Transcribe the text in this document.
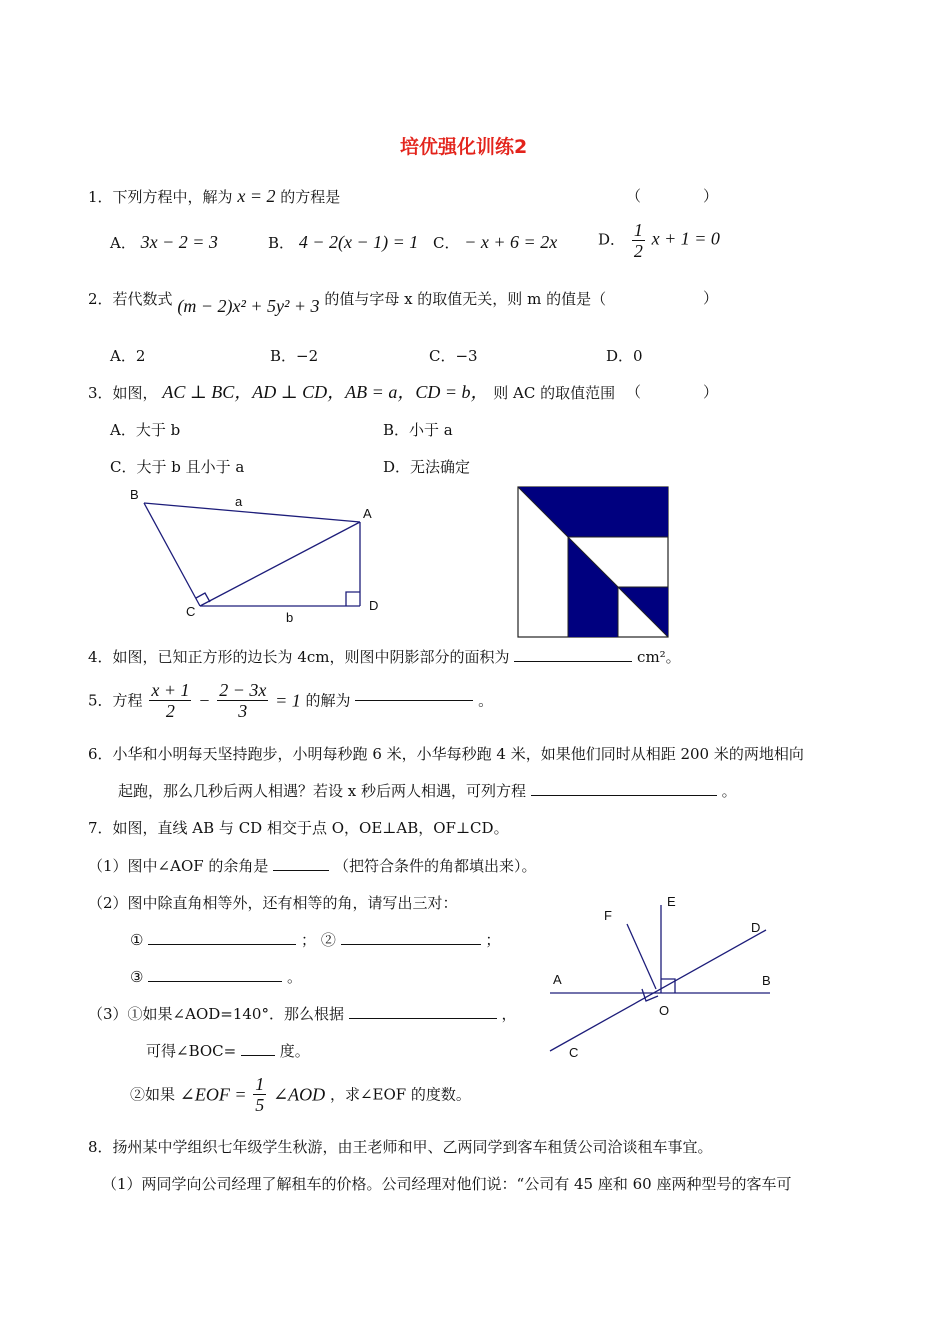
培优强化训练2
1．下列方程中，解为 x = 2 的方程是	（	）
A． 3x − 2 = 3	B． 4 − 2(x − 1) = 1 C． − x + 6 = 2x	D． $\frac{1}{2}$ x + 1 = 0
2．若代数式 (m − 2)x² + 5y² + 3 的值与字母 x 的取值无关，则 m 的值是（	）
A．2	B．−2	C．−3	D．0
3．如图， AC ⊥ BC，AD ⊥ CD，AB = a，CD = b， 则 AC 的取值范围 （	）
A．大于 b	B．小于 a
C．大于 b 且小于 a	D．无法确定
B	a
A
C	b
D
4．如图，已知正方形的边长为 4cm，则图中阴影部分的面积为	cm²。
5．方程 $\frac{x + 1}{2} - \frac{2 - 3x}{3} = 1$ 的解为	。
6．小华和小明每天坚持跑步，小明每秒跑 6 米，小华每秒跑 4 米，如果他们同时从相距 200 米的两地相向
起跑，那么几秒后两人相遇？若设 x 秒后两人相遇，可列方程	。
7．如图，直线 AB 与 CD 相交于点 O，OE⊥AB，OF⊥CD。
（1）图中∠AOF 的余角是	（把符合条件的角都填出来）。
（2）图中除直角相等外，还有相等的角，请写出三对：
①	； ②	；
③	。
（3）①如果∠AOD=140°．那么根据	，
可得∠BOC=	度。
②如果 ∠EOF = $\frac{1}{5}$ ∠AOD ，求∠EOF 的度数。
E
F
D
A	B
O
C
8．扬州某中学组织七年级学生秋游，由王老师和甲、乙两同学到客车租赁公司洽谈租车事宜。
（1）两同学向公司经理了解租车的价格。公司经理对他们说：“公司有 45 座和 60 座两种型号的客车可
